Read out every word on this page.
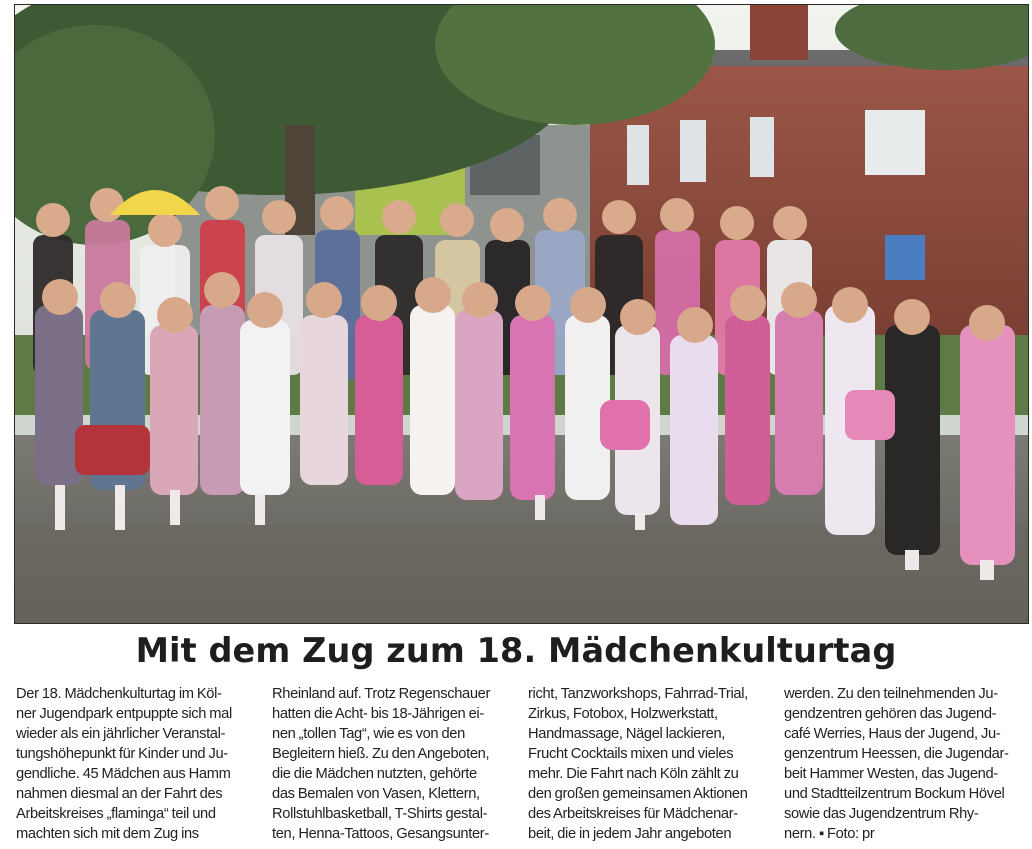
Mit dem Zug zum 18. Mädchenkulturtag
Der 18. Mädchenkulturtag im Köl-
ner Jugendpark entpuppte sich mal
wieder als ein jährlicher Veranstal-
tungshöhepunkt für Kinder und Ju-
gendliche. 45 Mädchen aus Hamm
nahmen diesmal an der Fahrt des
Arbeitskreises „flaminga“ teil und
machten sich mit dem Zug ins
Rheinland auf. Trotz Regenschauer
hatten die Acht- bis 18-Jährigen ei-
nen „tollen Tag“, wie es von den
Begleitern hieß. Zu den Angeboten,
die die Mädchen nutzten, gehörte
das Bemalen von Vasen, Klettern,
Rollstuhlbasketball, T-Shirts gestal-
ten, Henna-Tattoos, Gesangsunter-
richt, Tanzworkshops, Fahrrad-Trial,
Zirkus, Fotobox, Holzwerkstatt,
Handmassage, Nägel lackieren,
Frucht Cocktails mixen und vieles
mehr. Die Fahrt nach Köln zählt zu
den großen gemeinsamen Aktionen
des Arbeitskreises für Mädchenar-
beit, die in jedem Jahr angeboten
werden. Zu den teilnehmenden Ju-
gendzentren gehören das Jugend-
café Werries, Haus der Jugend, Ju-
genzentrum Heessen, die Jugendar-
beit Hammer Westen, das Jugend-
und Stadtteilzentrum Bockum Hövel
sowie das Jugendzentrum Rhy-
nern. ▪ Foto: pr
